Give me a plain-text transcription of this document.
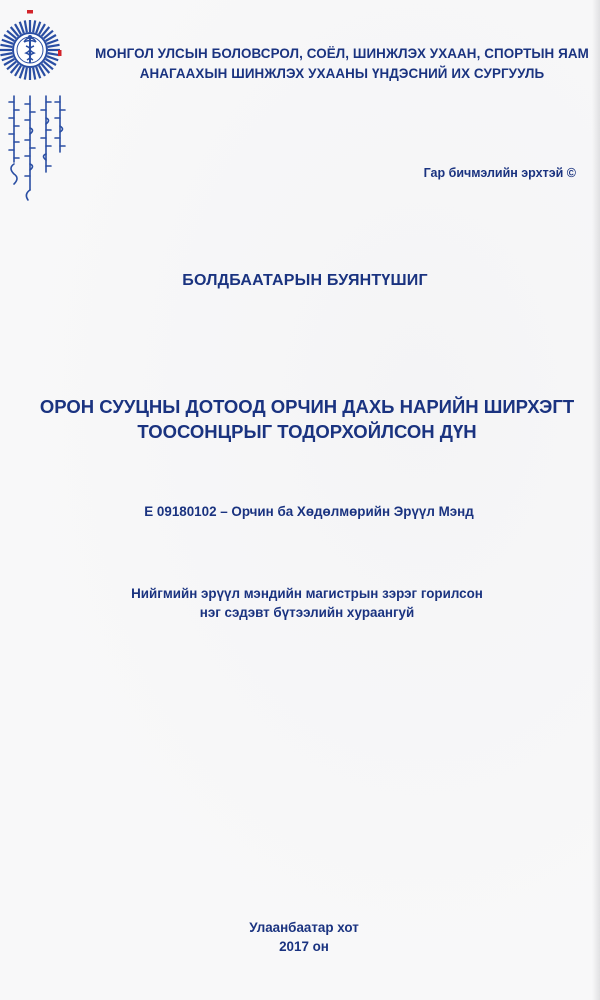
МОНГОЛ УЛСЫН БОЛОВСРОЛ, СОЁЛ, ШИНЖЛЭХ УХААН, СПОРТЫН ЯАМ
АНАГААХЫН ШИНЖЛЭХ УХААНЫ ҮНДЭСНИЙ ИХ СУРГУУЛЬ
Гар бичмэлийн эрхтэй ©
БОЛДБААТАРЫН БУЯНТҮШИГ
ОРОН СУУЦНЫ ДОТООД ОРЧИН ДАХЬ НАРИЙН ШИРХЭГТ
ТООСОНЦРЫГ ТОДОРХОЙЛСОН ДҮН
Е 09180102 – Орчин ба Хөдөлмөрийн Эрүүл Мэнд
Нийгмийн эрүүл мэндийн магистрын зэрэг горилсон
нэг сэдэвт бүтээлийн хураангуй
Улаанбаатар хот
2017 он
